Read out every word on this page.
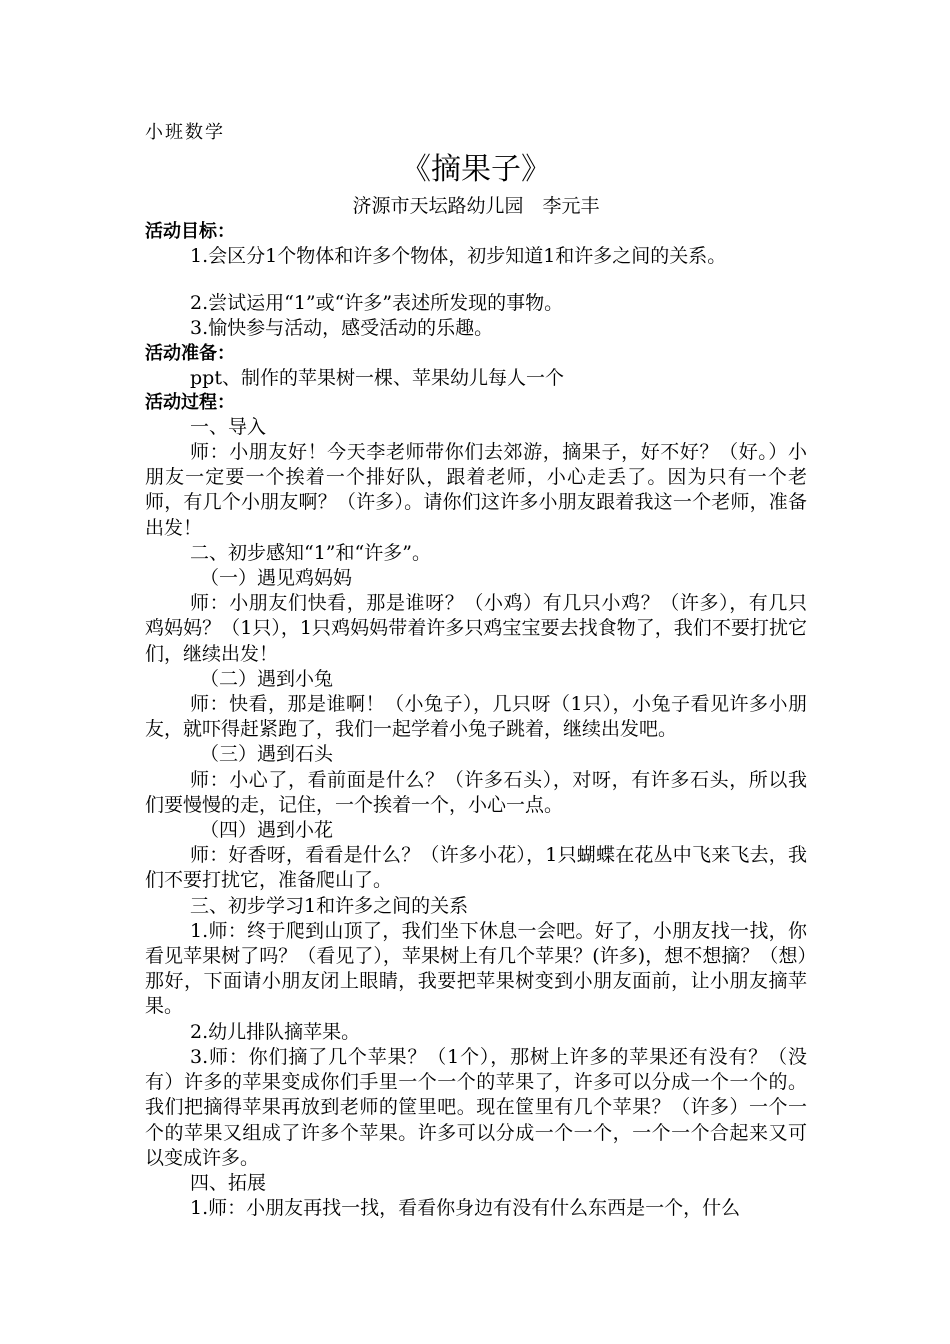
小班数学
《摘果子》
济源市天坛路幼儿园　李元丰
活动目标：

1.会区分1个物体和许多个物体，初步知道1和许多之间的关系。

2.尝试运用“1”或“许多”表述所发现的事物。

3.愉快参与活动，感受活动的乐趣。

活动准备：

ppt、制作的苹果树一棵、苹果幼儿每人一个

活动过程：

一、导入

师：小朋友好！今天李老师带你们去郊游，摘果子，好不好？（好。）小朋友一定要一个挨着一个排好队，跟着老师，小心走丢了。因为只有一个老师，有几个小朋友啊？（许多）。请你们这许多小朋友跟着我这一个老师，准备出发！

二、初步感知“1”和“许多”。

（一）遇见鸡妈妈

师：小朋友们快看，那是谁呀？（小鸡）有几只小鸡？（许多），有几只鸡妈妈？（1只），1只鸡妈妈带着许多只鸡宝宝要去找食物了，我们不要打扰它们，继续出发！

（二）遇到小兔

师：快看，那是谁啊！（小兔子），几只呀（1只），小兔子看见许多小朋友，就吓得赶紧跑了，我们一起学着小兔子跳着，继续出发吧。

（三）遇到石头

师：小心了，看前面是什么？（许多石头），对呀，有许多石头，所以我们要慢慢的走，记住，一个挨着一个，小心一点。

（四）遇到小花

师：好香呀，看看是什么？（许多小花），1只蝴蝶在花丛中飞来飞去，我们不要打扰它，准备爬山了。

三、初步学习1和许多之间的关系

1.师：终于爬到山顶了，我们坐下休息一会吧。好了，小朋友找一找，你看见苹果树了吗？（看见了），苹果树上有几个苹果？(许多)，想不想摘？（想）那好，下面请小朋友闭上眼睛，我要把苹果树变到小朋友面前，让小朋友摘苹果。

2.幼儿排队摘苹果。

3.师：你们摘了几个苹果？（1个），那树上许多的苹果还有没有？（没有）许多的苹果变成你们手里一个一个的苹果了，许多可以分成一个一个的。我们把摘得苹果再放到老师的筐里吧。现在筐里有几个苹果？（许多）一个一个的苹果又组成了许多个苹果。许多可以分成一个一个，一个一个合起来又可以变成许多。

四、拓展

1.师：小朋友再找一找，看看你身边有没有什么东西是一个，什么
